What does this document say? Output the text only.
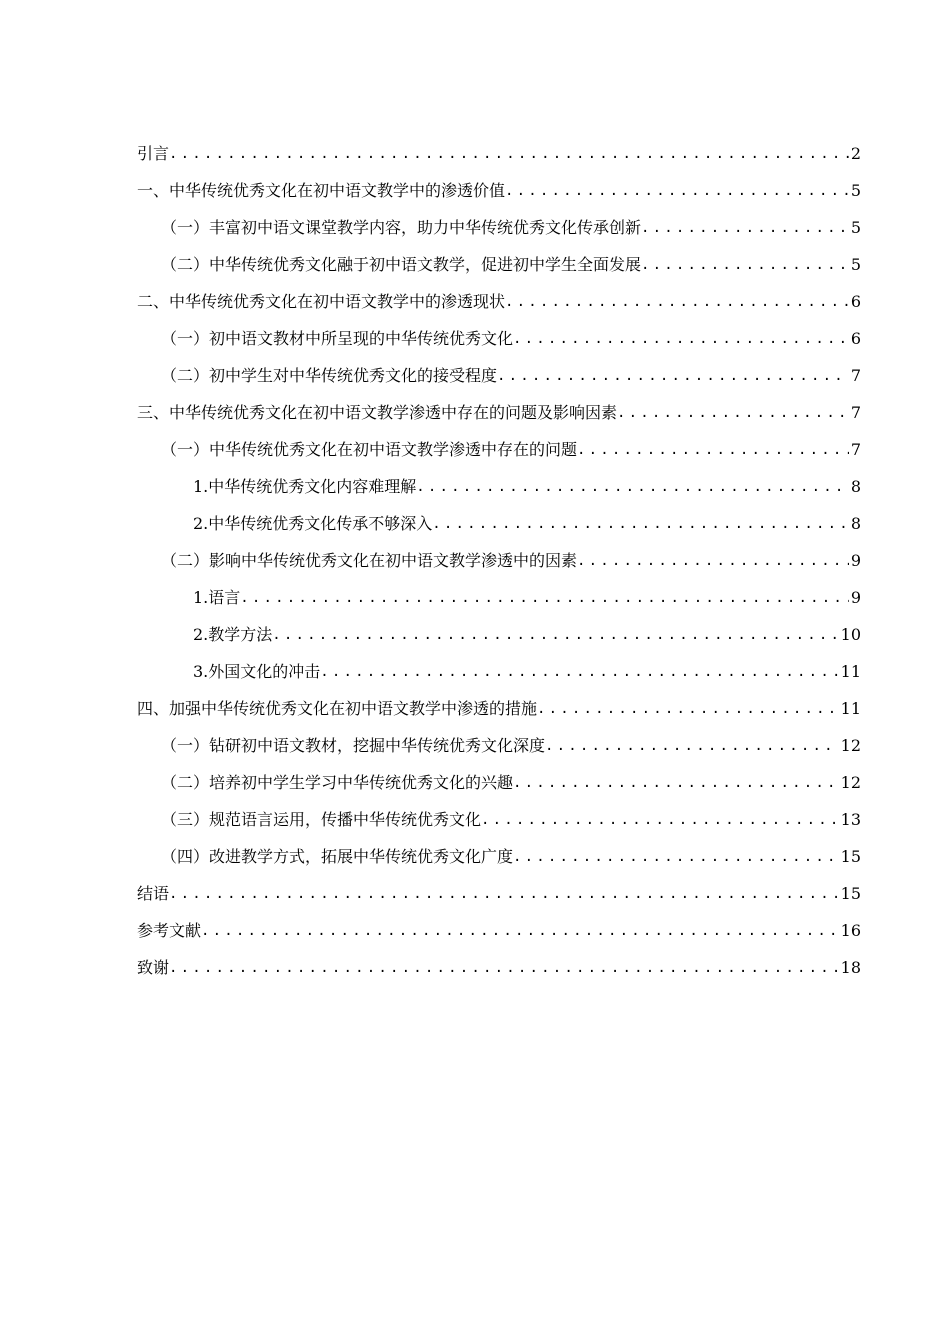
引言 .....	2
一、中华传统优秀文化在初中语文教学中的渗透价值 .....	5
（一）丰富初中语文课堂教学内容，助力中华传统优秀文化传承创新 .....	5
（二）中华传统优秀文化融于初中语文教学，促进初中学生全面发展 .....	5
二、中华传统优秀文化在初中语文教学中的渗透现状 .....	6
（一）初中语文教材中所呈现的中华传统优秀文化 .....	6
（二）初中学生对中华传统优秀文化的接受程度 .....	7
三、中华传统优秀文化在初中语文教学渗透中存在的问题及影响因素 .....	7
（一）中华传统优秀文化在初中语文教学渗透中存在的问题 .....	7
1.中华传统优秀文化内容难理解 .....	8
2.中华传统优秀文化传承不够深入 .....	8
（二）影响中华传统优秀文化在初中语文教学渗透中的因素 .....	9
1.语言 .....	9
2.教学方法 .....	10
3.外国文化的冲击 .....	11
四、加强中华传统优秀文化在初中语文教学中渗透的措施 .....	11
（一）钻研初中语文教材，挖掘中华传统优秀文化深度 .....	12
（二）培养初中学生学习中华传统优秀文化的兴趣 .....	12
（三）规范语言运用，传播中华传统优秀文化 .....	13
（四）改进教学方式，拓展中华传统优秀文化广度 .....	15
结语 .....	15
参考文献 .....	16
致谢 .....	18
